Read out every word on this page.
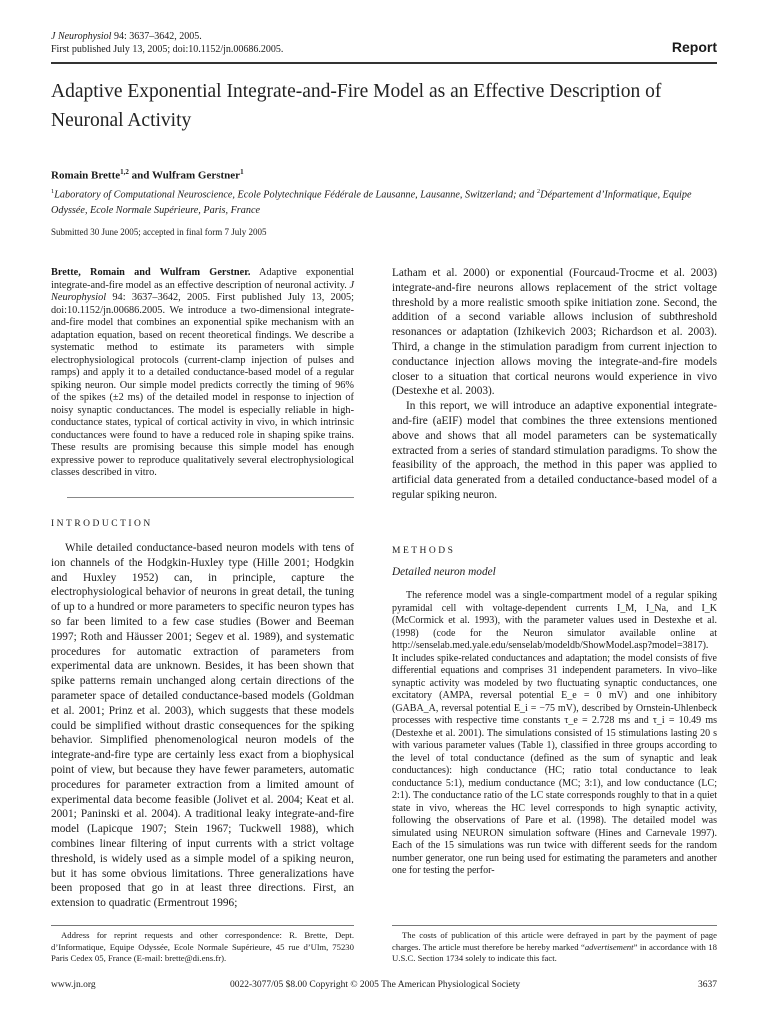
J Neurophysiol 94: 3637–3642, 2005.
First published July 13, 2005; doi:10.1152/jn.00686.2005.	Report
Adaptive Exponential Integrate-and-Fire Model as an Effective Description of Neuronal Activity
Romain Brette$^{1,2}$ and Wulfram Gerstner$^1$
$^1$Laboratory of Computational Neuroscience, Ecole Polytechnique Fédérale de Lausanne, Lausanne, Switzerland; and $^2$Département d’Informatique, Equipe Odyssée, Ecole Normale Supérieure, Paris, France
Submitted 30 June 2005; accepted in final form 7 July 2005

Brette, Romain and Wulfram Gerstner. Adaptive exponential integrate-and-fire model as an effective description of neuronal activity. J Neurophysiol 94: 3637–3642, 2005. First published July 13, 2005; doi:10.1152/jn.00686.2005. We introduce a two-dimensional integrate-and-fire model that combines an exponential spike mechanism with an adaptation equation, based on recent theoretical findings. We describe a systematic method to estimate its parameters with simple electrophysiological protocols (current-clamp injection of pulses and ramps) and apply it to a detailed conductance-based model of a regular spiking neuron. Our simple model predicts correctly the timing of 96% of the spikes (±2 ms) of the detailed model in response to injection of noisy synaptic conductances. The model is especially reliable in high-conductance states, typical of cortical activity in vivo, in which intrinsic conductances were found to have a reduced role in shaping spike trains. These results are promising because this simple model has enough expressive power to reproduce qualitatively several electrophysiological classes described in vitro.

INTRODUCTION

While detailed conductance-based neuron models with tens of ion channels of the Hodgkin-Huxley type (Hille 2001; Hodgkin and Huxley 1952) can, in principle, capture the electrophysiological behavior of neurons in great detail, the tuning of up to a hundred or more parameters to specific neuron types has so far been limited to a few case studies (Bower and Beeman 1997; Roth and Häusser 2001; Segev et al. 1989), and systematic procedures for automatic extraction of parameters from experimental data are unknown. Besides, it has been shown that spike patterns remain unchanged along certain directions of the parameter space of detailed conductance-based models (Goldman et al. 2001; Prinz et al. 2003), which suggests that these models could be simplified without drastic consequences for the spiking behavior. Simplified phenomenological neuron models of the integrate-and-fire type are certainly less exact from a biophysical point of view, but because they have fewer parameters, automatic procedures for parameter extraction from a limited amount of experimental data become feasible (Jolivet et al. 2004; Keat et al. 2001; Paninski et al. 2004). A traditional leaky integrate-and-fire model (Lapicque 1907; Stein 1967; Tuckwell 1988), which combines linear filtering of input currents with a strict voltage threshold, is widely used as a simple model of a spiking neuron, but it has some obvious limitations. Three generalizations have been proposed that go in at least three directions. First, an extension to quadratic (Ermentrout 1996;

Latham et al. 2000) or exponential (Fourcaud-Trocme et al. 2003) integrate-and-fire neurons allows replacement of the strict voltage threshold by a more realistic smooth spike initiation zone. Second, the addition of a second variable allows inclusion of subthreshold resonances or adaptation (Izhikevich 2003; Richardson et al. 2003). Third, a change in the stimulation paradigm from current injection to conductance injection allows moving the integrate-and-fire models closer to a situation that cortical neurons would experience in vivo (Destexhe et al. 2003).

In this report, we will introduce an adaptive exponential integrate-and-fire (aEIF) model that combines the three extensions mentioned above and shows that all model parameters can be systematically extracted from a series of standard stimulation paradigms. To show the feasibility of the approach, the method in this paper was applied to artificial data generated from a detailed conductance-based model of a regular spiking neuron.

METHODS
Detailed neuron model

The reference model was a single-compartment model of a regular spiking pyramidal cell with voltage-dependent currents I_M, I_Na, and I_K (McCormick et al. 1993), with the parameter values used in Destexhe et al. (1998) (code for the Neuron simulator available online at http://senselab.med.yale.edu/senselab/modeldb/ShowModel.asp?model=3817). It includes spike-related conductances and adaptation; the model consists of five differential equations and comprises 31 independent parameters. In vivo–like synaptic activity was modeled by two fluctuating synaptic conductances, one excitatory (AMPA, reversal potential E_e = 0 mV) and one inhibitory (GABA_A, reversal potential E_i = −75 mV), described by Ornstein-Uhlenbeck processes with respective time constants τ_e = 2.728 ms and τ_i = 10.49 ms (Destexhe et al. 2001). The simulations consisted of 15 stimulations lasting 20 s with various parameter values (Table 1), classified in three groups according to the level of total conductance (defined as the sum of synaptic and leak conductances): high conductance (HC; ratio total conductance to leak conductance 5:1), medium conductance (MC; 3:1), and low conductance (LC; 2:1). The conductance ratio of the LC state corresponds roughly to that in a quiet state in vivo, whereas the HC level corresponds to high synaptic activity, following the observations of Pare et al. (1998). The detailed model was simulated using NEURON simulation software (Hines and Carnevale 1997). Each of the 15 simulations was run twice with different seeds for the random number generator, one run being used for estimating the parameters and another one for testing the perfor-

Address for reprint requests and other correspondence: R. Brette, Dept. d’Informatique, Equipe Odyssée, Ecole Normale Supérieure, 45 rue d’Ulm, 75230 Paris Cedex 05, France (E-mail: brette@di.ens.fr).

The costs of publication of this article were defrayed in part by the payment of page charges. The article must therefore be hereby marked “advertisement” in accordance with 18 U.S.C. Section 1734 solely to indicate this fact.

www.jn.org	0022-3077/05 $8.00 Copyright © 2005 The American Physiological Society	3637
